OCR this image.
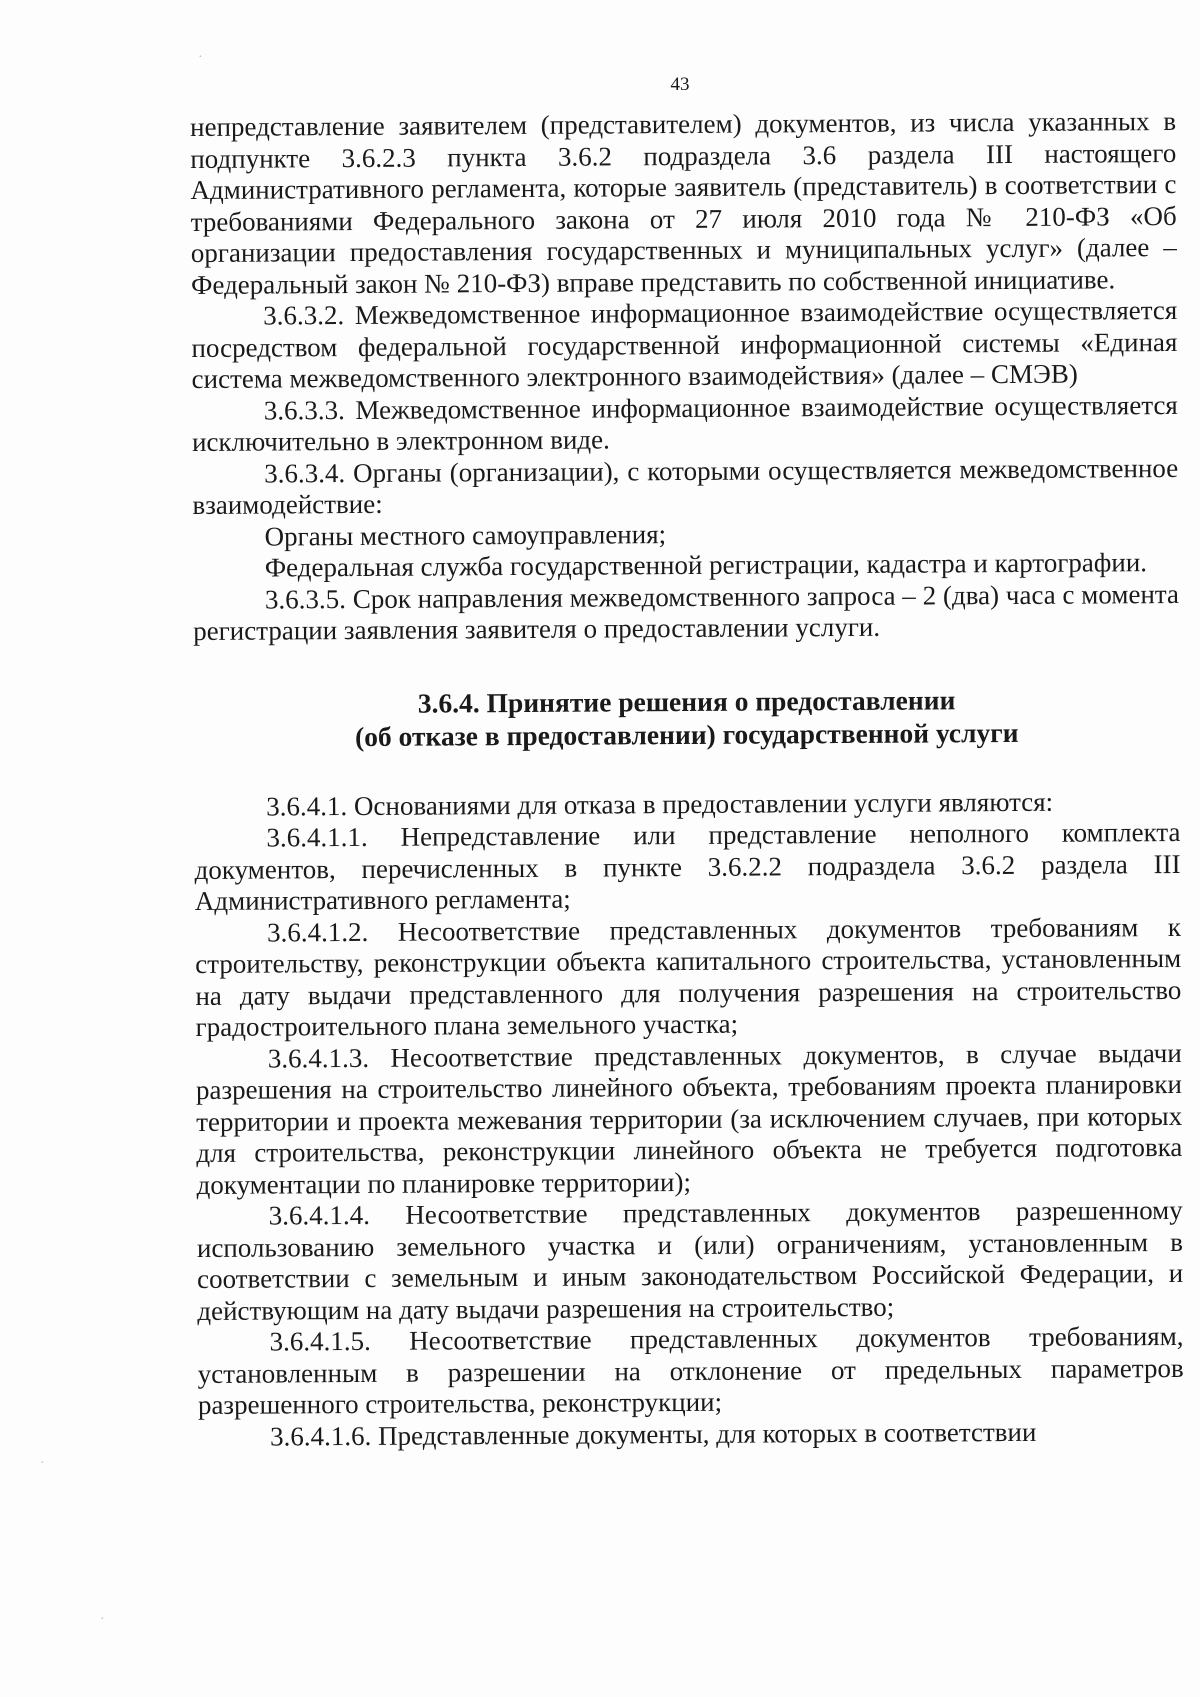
43

непредставление заявителем (представителем) документов, из числа указанных в подпункте 3.6.2.3 пункта 3.6.2 подраздела 3.6 раздела III настоящего Административного регламента, которые заявитель (представитель) в соответствии с требованиями Федерального закона от 27 июля 2010 года № 210-ФЗ «Об организации предоставления государственных и муниципальных услуг» (далее – Федеральный закон № 210-ФЗ) вправе представить по собственной инициативе.

3.6.3.2. Межведомственное информационное взаимодействие осуществляется посредством федеральной государственной информационной системы «Единая система межведомственного электронного взаимодействия» (далее – СМЭВ)

3.6.3.3. Межведомственное информационное взаимодействие осуществляется исключительно в электронном виде.

3.6.3.4. Органы (организации), с которыми осуществляется межведомственное взаимодействие:

Органы местного самоуправления;

Федеральная служба государственной регистрации, кадастра и картографии.

3.6.3.5. Срок направления межведомственного запроса – 2 (два) часа с момента регистрации заявления заявителя о предоставлении услуги.

3.6.4. Принятие решения о предоставлении

(об отказе в предоставлении) государственной услуги

3.6.4.1. Основаниями для отказа в предоставлении услуги являются:

3.6.4.1.1. Непредставление или представление неполного комплекта документов, перечисленных в пункте 3.6.2.2 подраздела 3.6.2 раздела III Административного регламента;

3.6.4.1.2. Несоответствие представленных документов требованиям к строительству, реконструкции объекта капитального строительства, установленным на дату выдачи представленного для получения разрешения на строительство градостроительного плана земельного участка;

3.6.4.1.3. Несоответствие представленных документов, в случае выдачи разрешения на строительство линейного объекта, требованиям проекта планировки территории и проекта межевания территории (за исключением случаев, при которых для строительства, реконструкции линейного объекта не требуется подготовка документации по планировке территории);

3.6.4.1.4. Несоответствие представленных документов разрешенному использованию земельного участка и (или) ограничениям, установленным в соответствии с земельным и иным законодательством Российской Федерации, и действующим на дату выдачи разрешения на строительство;

3.6.4.1.5. Несоответствие представленных документов требованиям, установленным в разрешении на отклонение от предельных параметров разрешенного строительства, реконструкции;

3.6.4.1.6. Представленные документы, для которых в соответствии

·
·
·
